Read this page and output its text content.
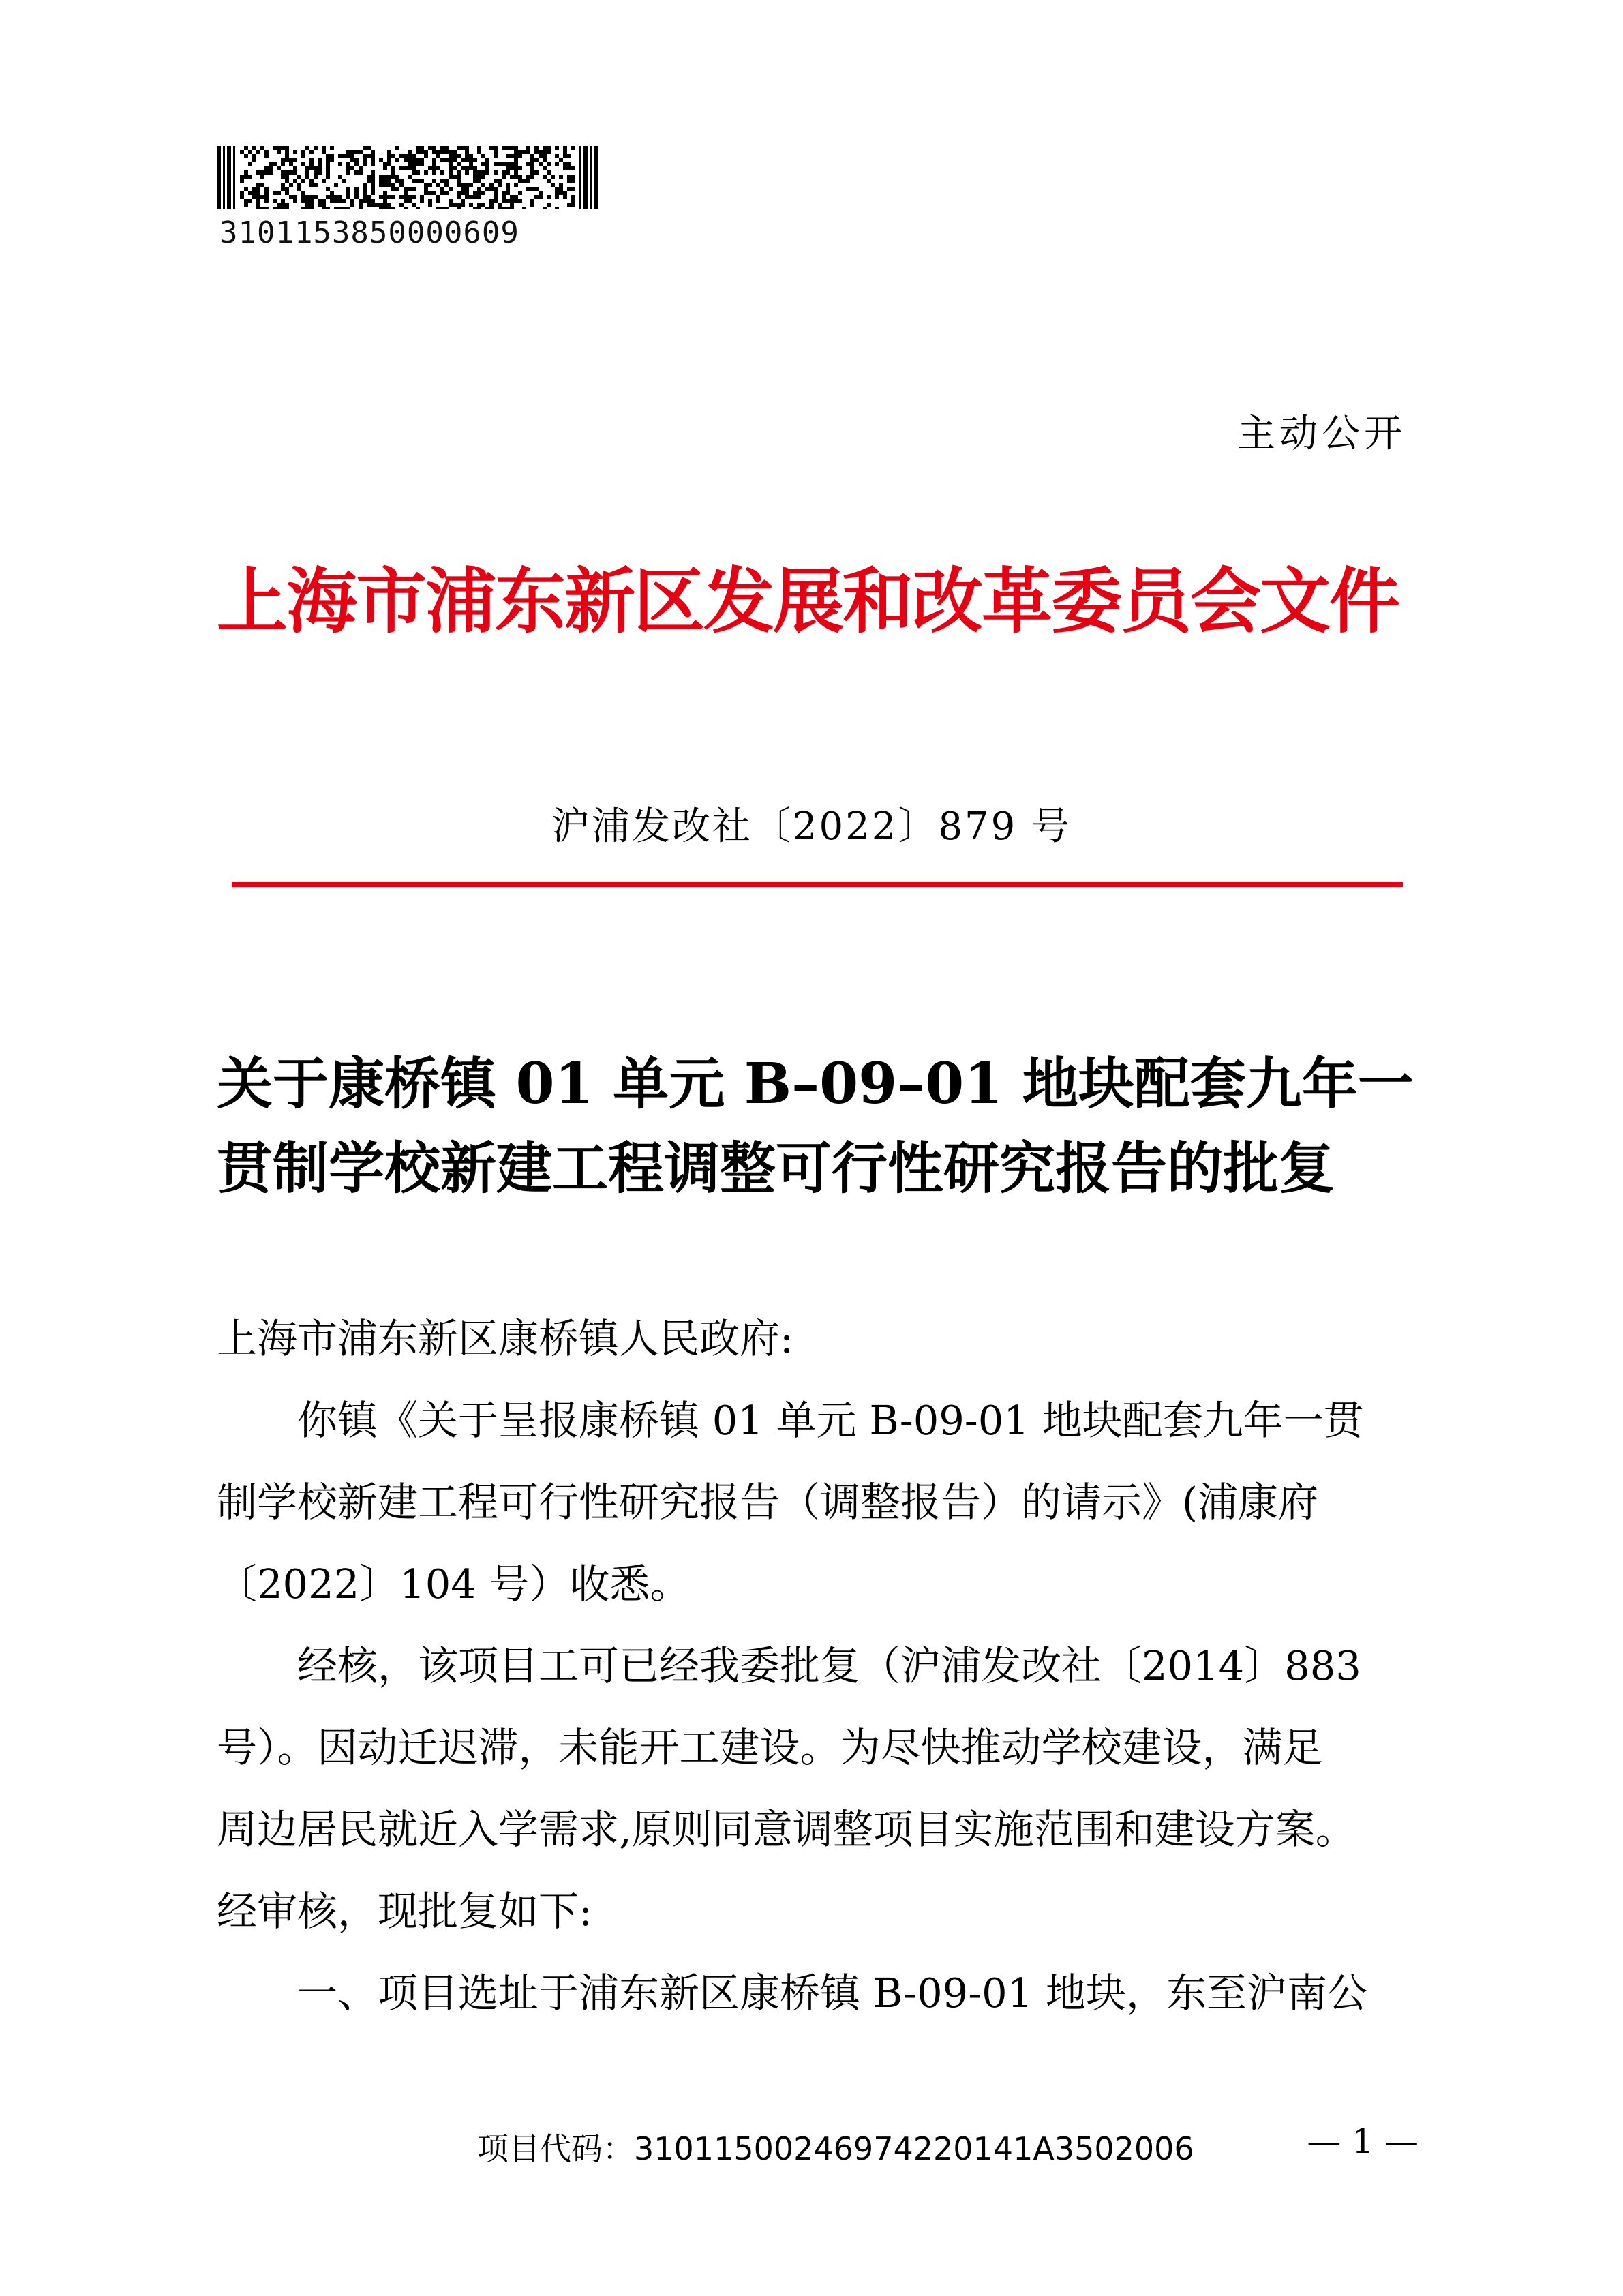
3101153850000609
主动公开
上海市浦东新区发展和改革委员会文件
沪浦发改社〔2022〕879 号
关于康桥镇 01 单元 B–09–01 地块配套九年一
贯制学校新建工程调整可行性研究报告的批复
上海市浦东新区康桥镇人民政府:
　　你镇《关于呈报康桥镇 01 单元 B-09-01 地块配套九年一贯
制学校新建工程可行性研究报告（调整报告）的请示》(浦康府
〔2022〕104 号）收悉。
　　经核，该项目工可已经我委批复（沪浦发改社〔2014〕883
号）。因动迁迟滞，未能开工建设。为尽快推动学校建设，满足
周边居民就近入学需求,原则同意调整项目实施范围和建设方案。
经审核，现批复如下:
　　一、项目选址于浦东新区康桥镇 B-09-01 地块，东至沪南公
项目代码：31011500246974220141A3502006	— 1 —
